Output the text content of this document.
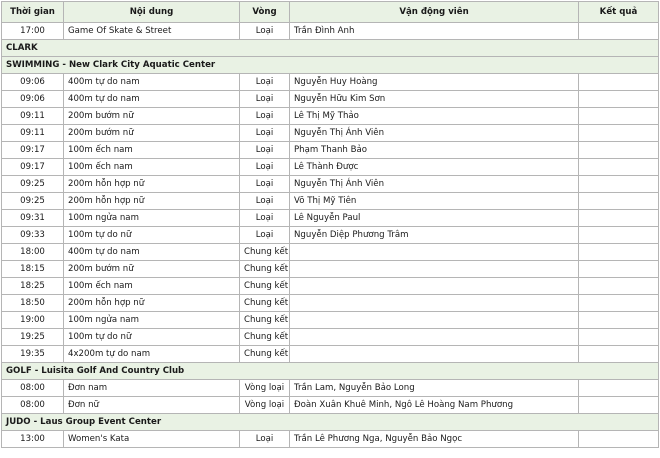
Thời gian	Nội dung	Vòng	Vận động viên	Kết quả
17:00	Game Of Skate & Street	Loại	Trần Đình Anh	
CLARK				
SWIMMING - New Clark City Aquatic Center				
09:06	400m tự do nam	Loại	Nguyễn Huy Hoàng	
09:06	400m tự do nam	Loại	Nguyễn Hữu Kim Sơn	
09:11	200m bướm nữ	Loại	Lê Thị Mỹ Thảo	
09:11	200m bướm nữ	Loại	Nguyễn Thị Ánh Viên	
09:17	100m ếch nam	Loại	Phạm Thanh Bảo	
09:17	100m ếch nam	Loại	Lê Thành Được	
09:25	200m hỗn hợp nữ	Loại	Nguyễn Thị Ánh Viên	
09:25	200m hỗn hợp nữ	Loại	Võ Thị Mỹ Tiên	
09:31	100m ngửa nam	Loại	Lê Nguyễn Paul	
09:33	100m tự do nữ	Loại	Nguyễn Diệp Phương Trâm	
18:00	400m tự do nam	Chung kết		
18:15	200m bướm nữ	Chung kết		
18:25	100m ếch nam	Chung kết		
18:50	200m hỗn hợp nữ	Chung kết		
19:00	100m ngửa nam	Chung kết		
19:25	100m tự do nữ	Chung kết		
19:35	4x200m tự do nam	Chung kết		
GOLF - Luisita Golf And Country Club				
08:00	Đơn nam	Vòng loại	Trần Lam, Nguyễn Bảo Long	
08:00	Đơn nữ	Vòng loại	Đoàn Xuân Khuê Minh, Ngô Lê Hoàng Nam Phương	
JUDO - Laus Group Event Center				
13:00	Women's Kata	Loại	Trần Lê Phương Nga, Nguyễn Bảo Ngọc	
